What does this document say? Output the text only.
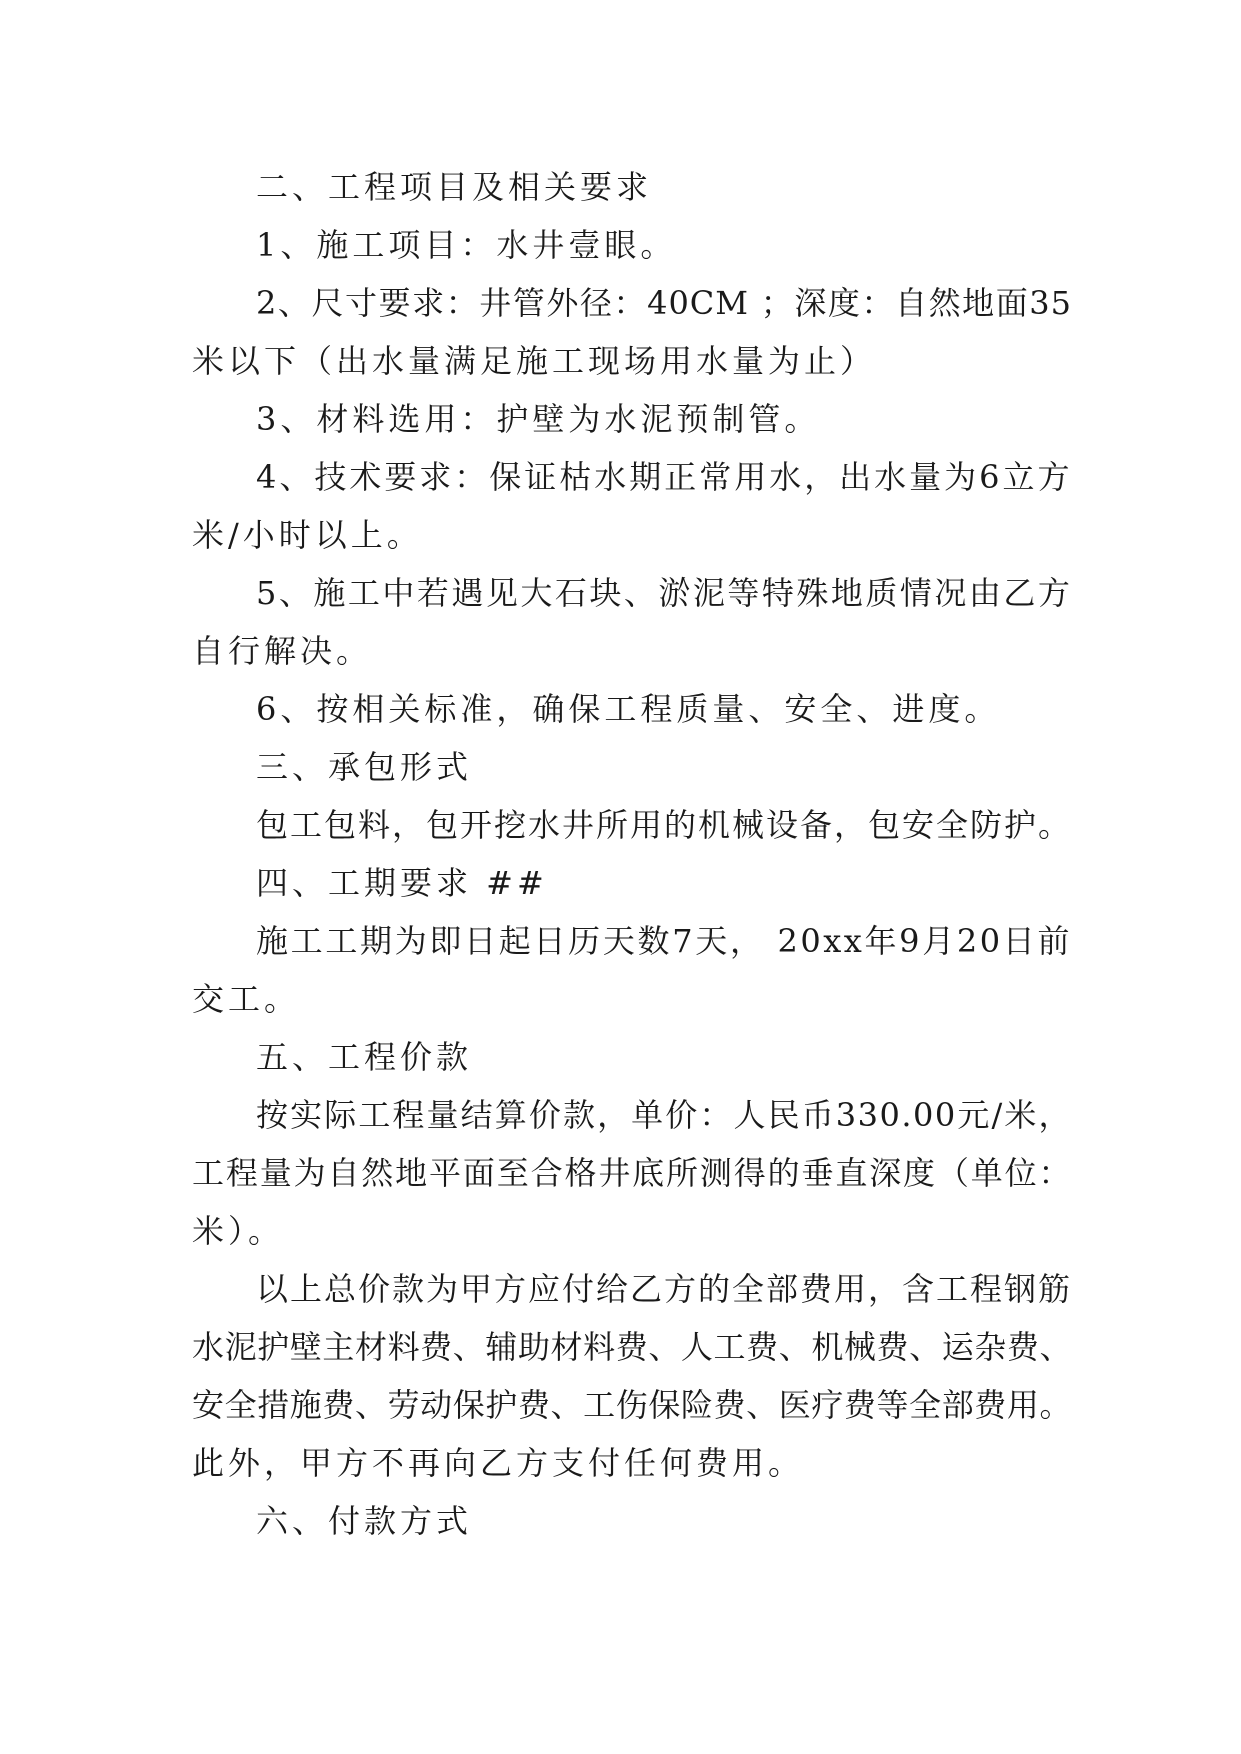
二、工程项目及相关要求
1、施工项目：水井壹眼。
2、尺寸要求：井管外径：40CM ；深度：自然地面35
米以下（出水量满足施工现场用水量为止）
3、材料选用：护壁为水泥预制管。
4、技术要求：保证枯水期正常用水，出水量为6立方
米/小时以上。
5、施工中若遇见大石块、淤泥等特殊地质情况由乙方
自行解决。
6、按相关标准，确保工程质量、安全、进度。
三、承包形式
包工包料，包开挖水井所用的机械设备，包安全防护。
四、工期要求 ##
施工工期为即日起日历天数7天， 20xx年9月20日前
交工。
五、工程价款
按实际工程量结算价款，单价：人民币330.00元/米，
工程量为自然地平面至合格井底所测得的垂直深度（单位：
米）。
以上总价款为甲方应付给乙方的全部费用，含工程钢筋
水泥护壁主材料费、辅助材料费、人工费、机械费、运杂费、
安全措施费、劳动保护费、工伤保险费、医疗费等全部费用。
此外，甲方不再向乙方支付任何费用。
六、付款方式
